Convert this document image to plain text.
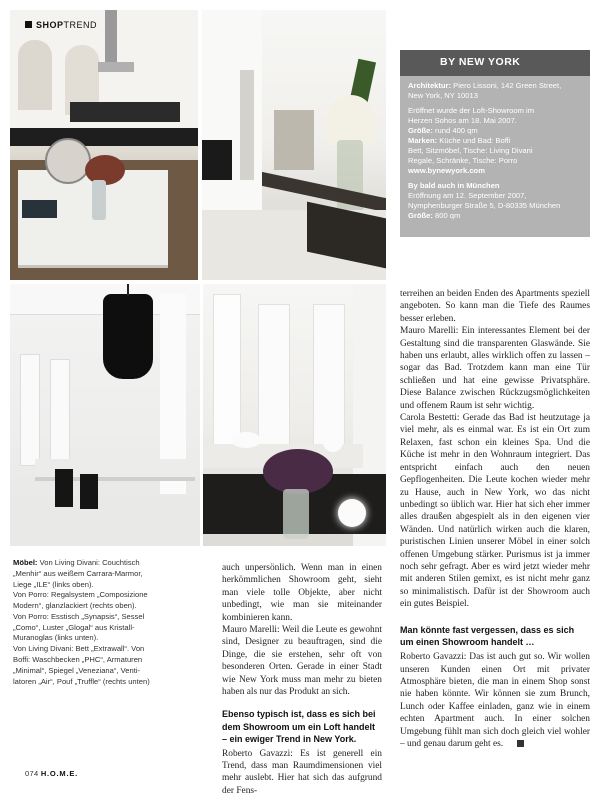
SHOPTREND
BY NEW YORK
Architektur: Piero Lissoni, 142 Green Street,
New York, NY 10013
Eröffnet wurde der Loft-Showroom im
Herzen Sohos am 18. Mai 2007.
Größe: rund 400 qm
Marken: Küche und Bad: Boffi
Bett, Sitzmöbel, Tische: Living Divani
Regale, Schränke, Tische: Porro
www.bynewyork.com
By bald auch in München
Eröffnung am 12. September 2007,
Nymphenburger Straße 5, D-80335 München
Größe: 800 qm
Möbel: Von Living Divani: Couchtisch
„Menhir“ aus weißem Carrara-Marmor,
Liege „ILE“ (links oben).
Von Porro: Regalsystem „Composizione
Modern“, glanzlackiert (rechts oben).
Von Porro: Esstisch „Synapsis“, Sessel
„Como“, Luster „Glogal“ aus Kristall-
Muranoglas (links unten).
Von Living Divani: Bett „Extrawall“. Von
Boffi: Waschbecken „PHC“, Armaturen
„Minimal“, Spiegel „Veneziana“, Venti-
latoren „Air“, Pouf „Truffle“ (rechts unten)

auch unpersönlich. Wenn man in einen herkömmlichen Showroom geht, sieht man viele tolle Objekte, aber nicht unbedingt, wie man sie miteinander kombinieren kann.

Mauro Marelli: Weil die Leute es gewohnt sind, Designer zu beauftragen, sind die Dinge, die sie erstehen, sehr oft von besonderen Orten. Gerade in einer Stadt wie New York muss man mehr zu bieten haben als nur das Produkt an sich.

Ebenso typisch ist, dass es sich bei dem Showroom um ein Loft handelt – ein ewiger Trend in New York.

Roberto Gavazzi: Es ist generell ein Trend, dass man Raumdimensionen viel mehr auslebt. Hier hat sich das aufgrund der Fens-

terreihen an beiden Enden des Apartments speziell angeboten. So kann man die Tiefe des Raumes besser erleben.

Mauro Marelli: Ein interessantes Element bei der Gestaltung sind die transparenten Glaswände. Sie haben uns erlaubt, alles wirklich offen zu lassen – sogar das Bad. Trotzdem kann man eine Tür schließen und hat eine gewisse Privatsphäre. Diese Balance zwischen Rückzugsmöglichkeiten und offenem Raum ist sehr wichtig.

Carola Bestetti: Gerade das Bad ist heutzutage ja viel mehr, als es einmal war. Es ist ein Ort zum Relaxen, fast schon ein kleines Spa. Und die Küche ist mehr in den Wohnraum integriert. Das entspricht einfach auch den neuen Gepflogenheiten. Die Leute kochen wieder mehr zu Hause, auch in New York, wo das nicht unbedingt so üblich war. Hier hat sich eher immer alles draußen abgespielt als in den eigenen vier Wänden. Und natürlich wirken auch die klaren, puristischen Linien unserer Möbel in einer solch offenen Umgebung stärker. Purismus ist ja immer noch sehr gefragt. Aber es wird jetzt wieder mehr mit anderen Stilen gemixt, es ist nicht mehr ganz so minimalistisch. Dafür ist der Showroom auch ein gutes Beispiel.

Man könnte fast vergessen, dass es sich um einen Showroom handelt …

Roberto Gavazzi: Das ist auch gut so. Wir wollen unseren Kunden einen Ort mit privater Atmosphäre bieten, die man in einem Shop sonst nie haben könnte. Wir können sie zum Brunch, Lunch oder Kaffee einladen, ganz wie in einem echten Apartment auch. In einer solchen Umgebung fühlt man sich doch gleich viel wohler – und genau darum geht es.

074 H.O.M.E.
